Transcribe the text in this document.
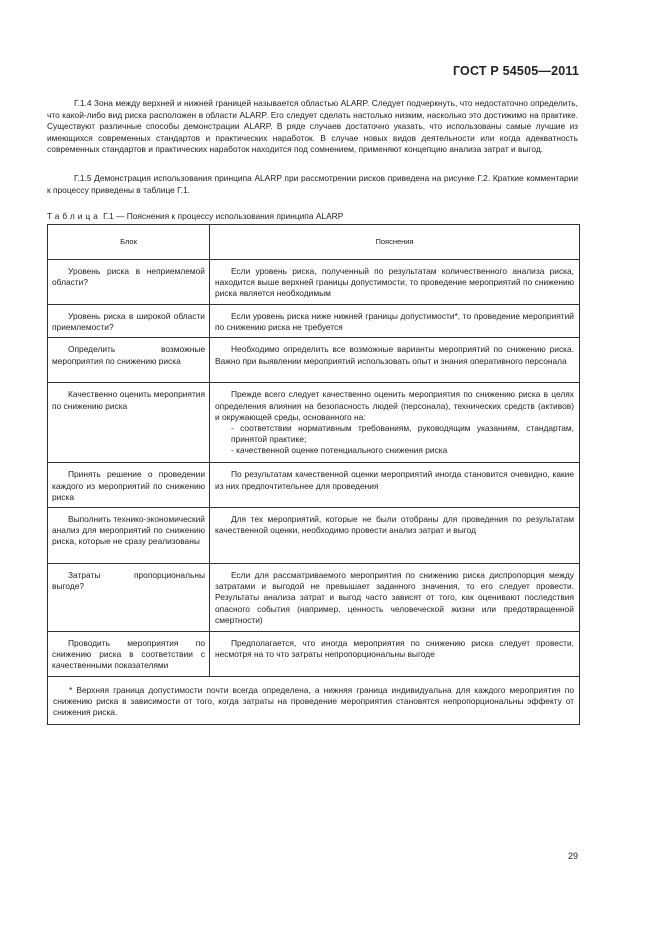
ГОСТ Р 54505—2011

Г.1.4 Зона между верхней и нижней границей называется областью ALARP. Следует подчеркнуть, что недостаточно определить, что какой-либо вид риска расположен в области ALARP. Его следует сделать настолько низким, насколько это достижимо на практике. Существуют различные способы демонстрации ALARP. В ряде случаев достаточно указать, что использованы самые лучшие из имеющихся современных стандартов и практических наработок. В случае новых видов деятельности или когда адекватность современных стандартов и практических наработок находится под сомнением, применяют концепцию анализа затрат и выгод.

Г.1.5 Демонстрация использования принципа ALARP при рассмотрении рисков приведена на рисунке Г.2. Краткие комментарии к процессу приведены в таблице Г.1.

Таблица Г.1 — Пояснения к процессу использования принципа ALARP
Блок	Пояснения
Уровень риска в неприемлемой области?	Если уровень риска, полученный по результатам количественного анализа риска, находится выше верхней границы допустимости, то проведение мероприятий по снижению риска является необходимым
Уровень риска в широкой области приемлемости?	Если уровень риска ниже нижней границы допустимости*, то проведение мероприятий по снижению риска не требуется
Определить возможные мероприятия по снижению риска	Необходимо определить все возможные варианты мероприятий по снижению риска. Важно при выявлении мероприятий использовать опыт и знания оперативного персонала
Качественно оценить мероприятия по снижению риска	Прежде всего следует качественно оценить мероприятия по снижению риска в целях определения влияния на безопасность людей (персонала), технических средств (активов) и окружающей среды, основанного на:
- соответствии нормативным требованиям, руководящим указаниям, стандартам, принятой практике;
- качественной оценке потенциального снижения риска

Принять решение о проведении каждого из мероприятий по снижению риска	По результатам качественной оценки мероприятий иногда становится очевидно, какие из них предпочтительнее для проведения
Выполнить технико-экономический анализ для мероприятий по снижению риска, которые не сразу реализованы	Для тех мероприятий, которые не были отобраны для проведения по результатам качественной оценки, необходимо провести анализ затрат и выгод
Затраты пропорциональны выгоде?	Если для рассматриваемого мероприятия по снижению риска диспропорция между затратами и выгодой не превышает заданного значения, то его следует провести. Результаты анализа затрат и выгод часто зависят от того, как оценивают последствия опасного события (например, ценность человеческой жизни или предотвращенной смертности)
Проводить мероприятия по снижению риска в соответствии с качественными показателями	Предполагается, что иногда мероприятия по снижению риска следует провести, несмотря на то что затраты непропорциональны выгоде
* Верхняя граница допустимости почти всегда определена, а нижняя граница индивидуальна для каждого мероприятия по снижению риска в зависимости от того, когда затраты на проведение мероприятия становятся непропорциональны эффекту от снижения риска.	
29
